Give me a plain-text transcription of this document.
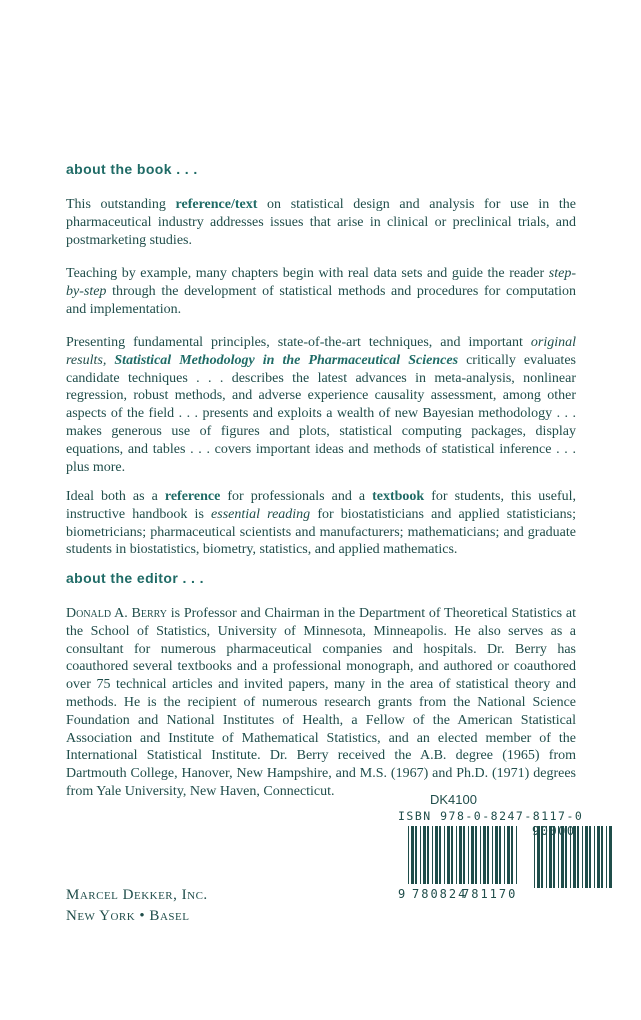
about the book . . .

This outstanding reference/text on statistical design and analysis for use in the pharmaceutical industry addresses issues that arise in clinical or preclinical trials, and postmarketing studies.

Teaching by example, many chapters begin with real data sets and guide the reader step-by-step through the development of statistical methods and procedures for computation and implementation.

Presenting fundamental principles, state-of-the-art techniques, and important original results, Statistical Methodology in the Pharmaceutical Sciences critically evaluates candidate techniques . . . describes the latest advances in meta-analysis, nonlinear regression, robust methods, and adverse experience causality assessment, among other aspects of the field . . . presents and exploits a wealth of new Bayesian methodology . . . makes generous use of figures and plots, statistical computing packages, display equations, and tables . . . covers important ideas and methods of statistical inference . . . plus more.

Ideal both as a reference for professionals and a textbook for students, this useful, instructive handbook is essential reading for biostatisticians and applied statisticians; biometricians; pharmaceutical scientists and manufacturers; mathematicians; and graduate students in biostatistics, biometry, statistics, and applied mathematics.

about the editor . . .

Donald A. Berry is Professor and Chairman in the Department of Theoretical Statistics at the School of Statistics, University of Minnesota, Minneapolis. He also serves as a consultant for numerous pharmaceutical companies and hospitals. Dr. Berry has coauthored several textbooks and a professional monograph, and authored or coauthored over 75 technical articles and invited papers, many in the area of statistical theory and methods. He is the recipient of numerous research grants from the National Science Foundation and National Institutes of Health, a Fellow of the American Statistical Association and Institute of Mathematical Statistics, and an elected member of the International Statistical Institute. Dr. Berry received the A.B. degree (1965) from Dartmouth College, Hanover, New Hampshire, and M.S. (1967) and Ph.D. (1971) degrees from Yale University, New Haven, Connecticut.

DK4100
ISBN 978-0-8247-8117-0
9 780824
781170
90000
Marcel Dekker, Inc.
New York • Basel
